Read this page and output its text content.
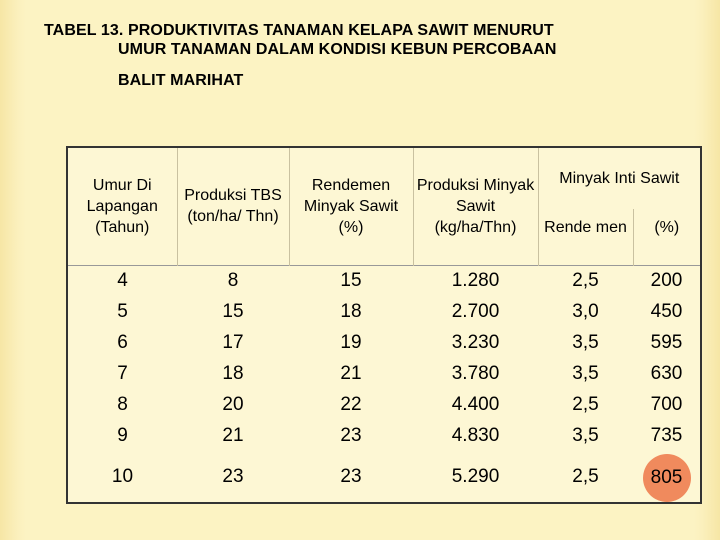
TABEL 13. PRODUKTIVITAS TANAMAN KELAPA SAWIT MENURUT
UMUR TANAMAN DALAM KONDISI KEBUN PERCOBAAN
BALIT MARIHAT
Umur Di Lapangan (Tahun)	Produksi TBS (ton/ha/ Thn)	Rendemen Minyak Sawit (%)	Produksi Minyak Sawit (kg/ha/Thn)	Minyak Inti Sawit	
				Rende men	(%)
4	8	15	1.280	2,5	200
5	15	18	2.700	3,0	450
6	17	19	3.230	3,5	595
7	18	21	3.780	3,5	630
8	20	22	4.400	2,5	700
9	21	23	4.830	3,5	735
10	23	23	5.290	2,5	805
